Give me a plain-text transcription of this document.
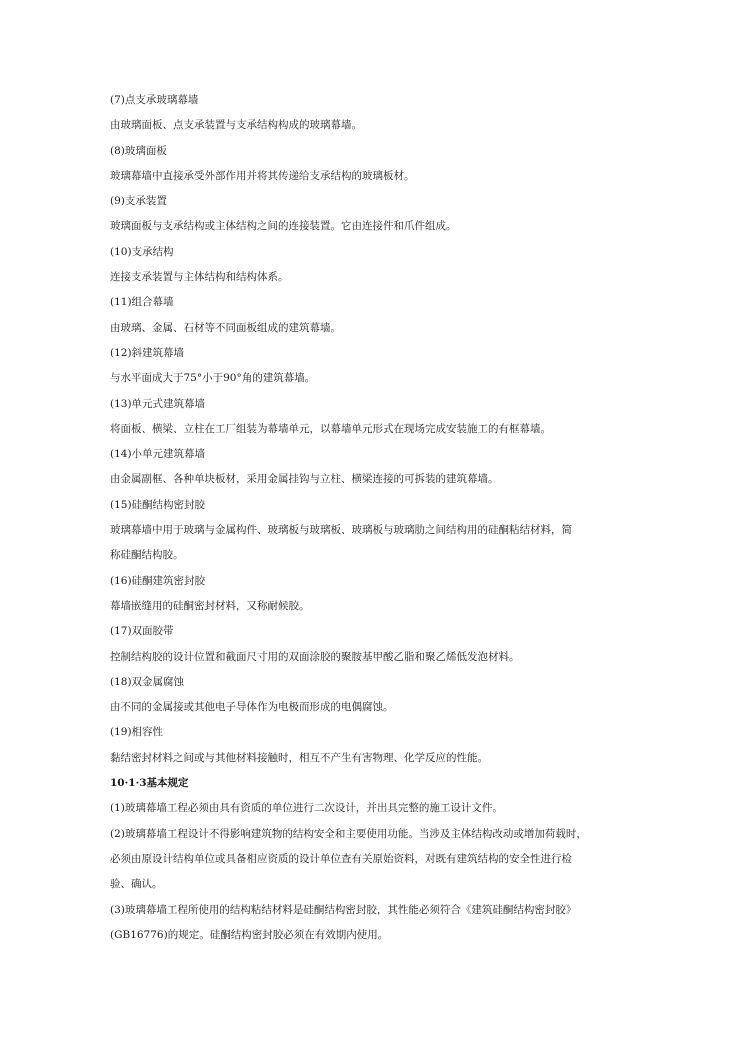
(7)点支承玻璃幕墙
由玻璃面板、点支承装置与支承结构构成的玻璃幕墙。
(8)玻璃面板
玻璃幕墙中直接承受外部作用并将其传递给支承结构的玻璃板材。
(9)支承装置
玻璃面板与支承结构或主体结构之间的连接装置。它由连接件和爪件组成。
(10)支承结构
连接支承装置与主体结构和结构体系。
(11)组合幕墙
由玻璃、金属、石材等不同面板组成的建筑幕墙。
(12)斜建筑幕墙
与水平面成大于75°小于90°角的建筑幕墙。
(13)单元式建筑幕墙
将面板、横梁、立柱在工厂组装为幕墙单元，以幕墙单元形式在现场完成安装施工的有框幕墙。
(14)小单元建筑幕墙
由金属副框、各种单块板材，采用金属挂钩与立柱、横梁连接的可拆装的建筑幕墙。
(15)硅酮结构密封胶
玻璃幕墙中用于玻璃与金属构件、玻璃板与玻璃板、玻璃板与玻璃肋之间结构用的硅酮粘结材料，简
称硅酮结构胶。
(16)硅酮建筑密封胶
幕墙嵌缝用的硅酮密封材料，又称耐候胶。
(17)双面胶带
控制结构胶的设计位置和截面尺寸用的双面涂胶的聚胺基甲酸乙脂和聚乙烯低发泡材料。
(18)双金属腐蚀
由不同的金属接或其他电子导体作为电极而形成的电偶腐蚀。
(19)相容性
黏结密封材料之间或与其他材料接触时，相互不产生有害物理、化学反应的性能。
10·1·3基本规定
(1)玻璃幕墙工程必须由具有资质的单位进行二次设计，并出具完整的施工设计文件。
(2)玻璃幕墙工程设计不得影响建筑物的结构安全和主要使用功能。当涉及主体结构改动或增加荷载时，
必须由原设计结构单位或具备相应资质的设计单位查有关原始资料，对既有建筑结构的安全性进行检
验、确认。
(3)玻璃幕墙工程所使用的结构粘结材料是硅酮结构密封胶，其性能必须符合《建筑硅酮结构密封胶》
(GB16776)的规定。硅酮结构密封胶必须在有效期内使用。
